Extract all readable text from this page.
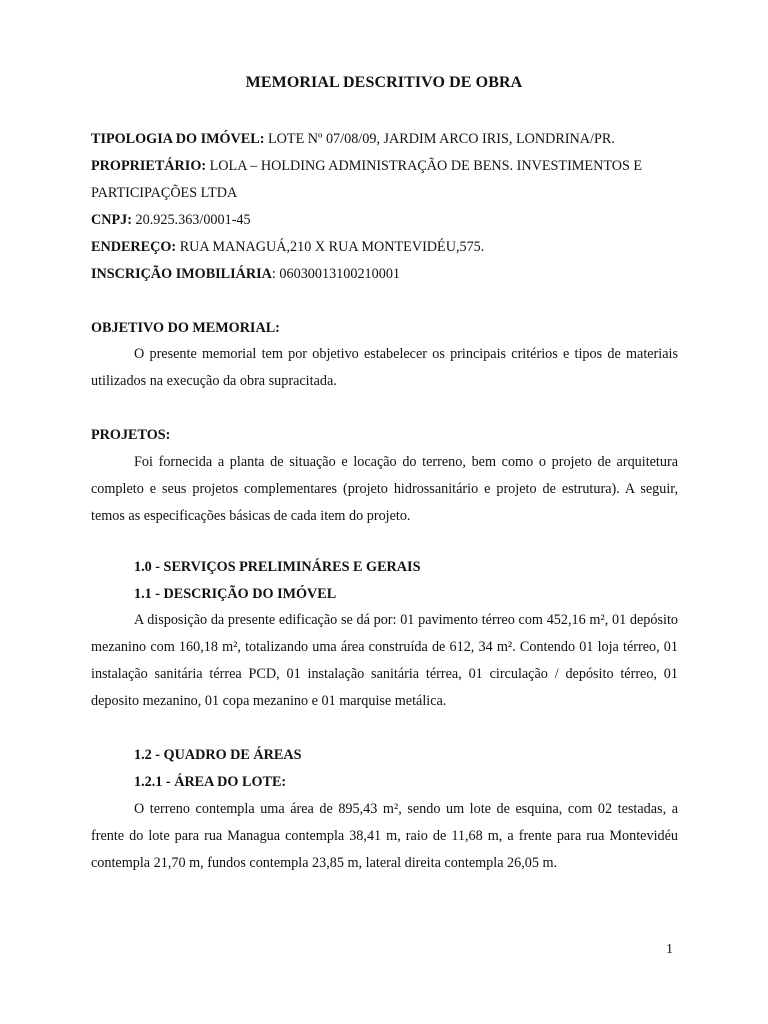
MEMORIAL DESCRITIVO DE OBRA
TIPOLOGIA DO IMÓVEL: LOTE Nº 07/08/09, JARDIM ARCO IRIS, LONDRINA/PR.
PROPRIETÁRIO: LOLA – HOLDING ADMINISTRAÇÃO DE BENS. INVESTIMENTOS E
PARTICIPAÇÕES LTDA
CNPJ: 20.925.363/0001-45
ENDEREÇO: RUA MANAGUÁ,210 X RUA MONTEVIDÉU,575.
INSCRIÇÃO IMOBILIÁRIA: 06030013100210001
OBJETIVO DO MEMORIAL:

O presente memorial tem por objetivo estabelecer os principais critérios e tipos de materiais utilizados na execução da obra supracitada.

PROJETOS:

Foi fornecida a planta de situação e locação do terreno, bem como o projeto de arquitetura completo e seus projetos complementares (projeto hidrossanitário e projeto de estrutura). A seguir, temos as especificações básicas de cada item do projeto.

1.0 - SERVIÇOS PRELIMINÁRES E GERAIS
1.1 - DESCRIÇÃO DO IMÓVEL

A disposição da presente edificação se dá por: 01 pavimento térreo com 452,16 m², 01 depósito mezanino com 160,18 m², totalizando uma área construída de 612, 34 m². Contendo 01 loja térreo, 01 instalação sanitária térrea PCD, 01 instalação sanitária térrea, 01 circulação / depósito térreo, 01 deposito mezanino, 01 copa mezanino e 01 marquise metálica.

1.2 - QUADRO DE ÁREAS
1.2.1 - ÁREA DO LOTE:

O terreno contempla uma área de 895,43 m², sendo um lote de esquina, com 02 testadas, a frente do lote para rua Managua contempla 38,41 m, raio de 11,68 m, a frente para rua Montevidéu contempla 21,70 m, fundos contempla 23,85 m, lateral direita contempla 26,05 m.

1
